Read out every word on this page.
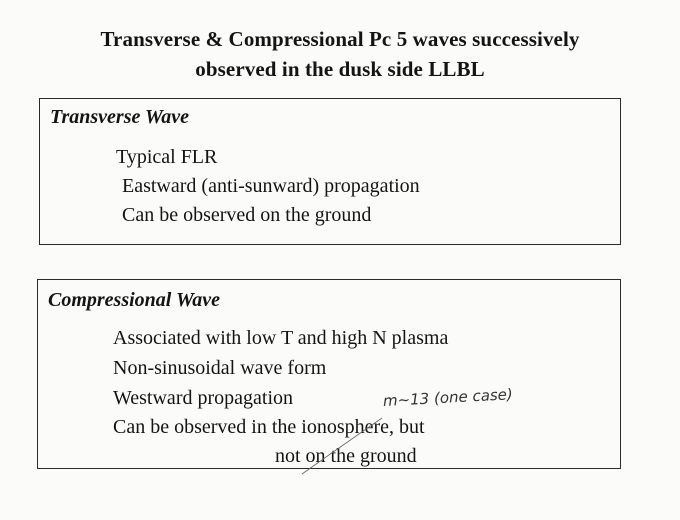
Transverse & Compressional Pc 5 waves successively
observed in the dusk side LLBL
Transverse Wave
Typical FLR
Eastward (anti-sunward) propagation
Can be observed on the ground
Compressional Wave
Associated with low T and high N plasma
Non-sinusoidal wave form
Westward propagation
Can be observed in the ionosphere, but
not on the ground
m~13 (one case)
